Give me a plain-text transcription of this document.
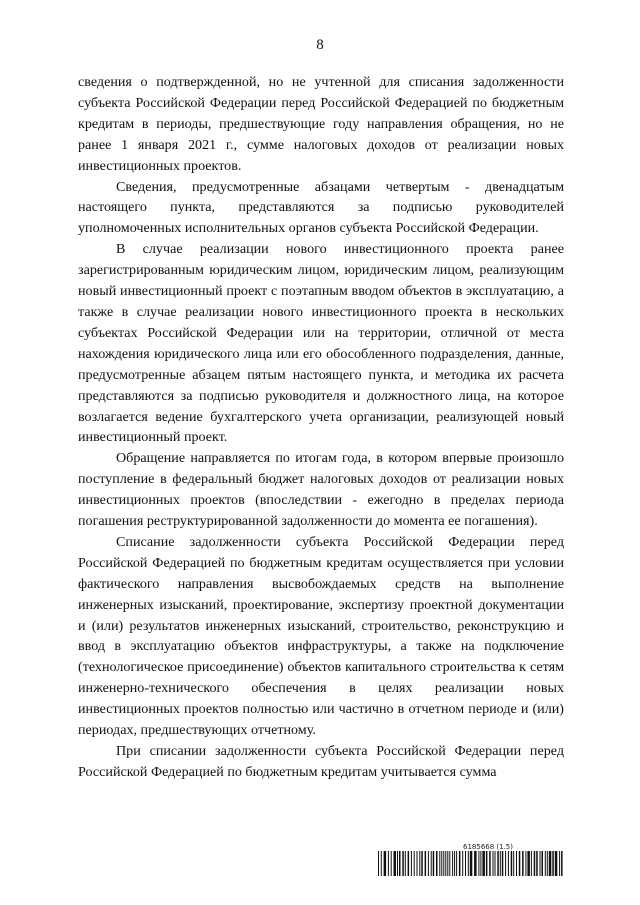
8

сведения о подтвержденной, но не учтенной для списания задолженности субъекта Российской Федерации перед Российской Федерацией по бюджетным кредитам в периоды, предшествующие году направления обращения, но не ранее 1 января 2021 г., сумме налоговых доходов от реализации новых инвестиционных проектов.

Сведения, предусмотренные абзацами четвертым - двенадцатым настоящего пункта, представляются за подписью руководителей уполномоченных исполнительных органов субъекта Российской Федерации.

В случае реализации нового инвестиционного проекта ранее зарегистрированным юридическим лицом, юридическим лицом, реализующим новый инвестиционный проект с поэтапным вводом объектов в эксплуатацию, а также в случае реализации нового инвестиционного проекта в нескольких субъектах Российской Федерации или на территории, отличной от места нахождения юридического лица или его обособленного подразделения, данные, предусмотренные абзацем пятым настоящего пункта, и методика их расчета представляются за подписью руководителя и должностного лица, на которое возлагается ведение бухгалтерского учета организации, реализующей новый инвестиционный проект.

Обращение направляется по итогам года, в котором впервые произошло поступление в федеральный бюджет налоговых доходов от реализации новых инвестиционных проектов (впоследствии - ежегодно в пределах периода погашения реструктурированной задолженности до момента ее погашения).

Списание задолженности субъекта Российской Федерации перед Российской Федерацией по бюджетным кредитам осуществляется при условии фактического направления высвобождаемых средств на выполнение инженерных изысканий, проектирование, экспертизу проектной документации и (или) результатов инженерных изысканий, строительство, реконструкцию и ввод в эксплуатацию объектов инфраструктуры, а также на подключение (технологическое присоединение) объектов капитального строительства к сетям инженерно-технического обеспечения в целях реализации новых инвестиционных проектов полностью или частично в отчетном периоде и (или) периодах, предшествующих отчетному.

При списании задолженности субъекта Российской Федерации перед Российской Федерацией по бюджетным кредитам учитывается сумма

6185668 (1.5)
